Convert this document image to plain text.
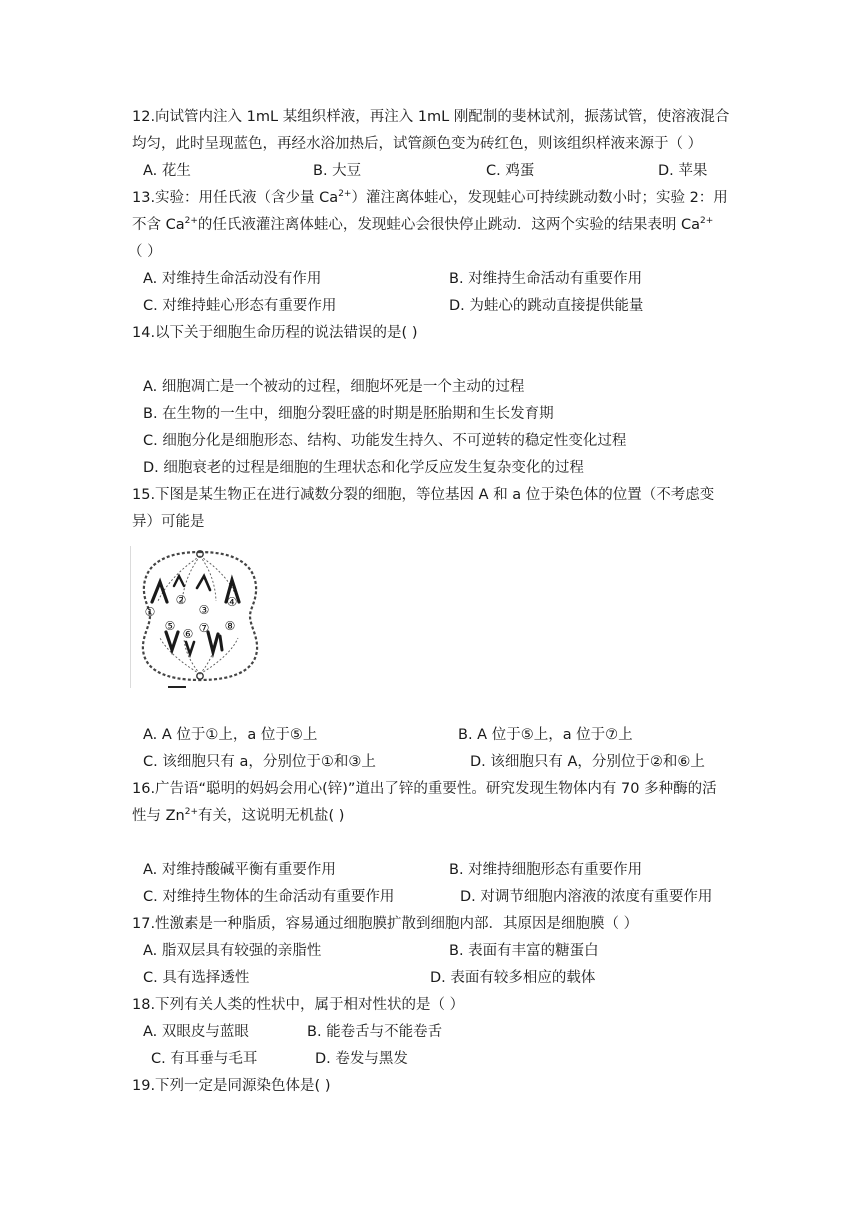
12.向试管内注入 1mL 某组织样液，再注入 1mL 刚配制的斐林试剂，振荡试管，使溶液混合
均匀，此时呈现蓝色，再经水浴加热后，试管颜色变为砖红色，则该组织样液来源于（ ）
A. 花生	B. 大豆	C. 鸡蛋	D. 苹果
13.实验：用任氏液（含少量 $Ca^{2+}$）灌注离体蛙心，发现蛙心可持续跳动数小时；实验 2：用
不含 $Ca^{2+}$的任氏液灌注离体蛙心，发现蛙心会很快停止跳动．这两个实验的结果表明 $Ca^{2+}$
（ ）
A. 对维持生命活动没有作用	B. 对维持生命活动有重要作用
C. 对维持蛙心形态有重要作用	D. 为蛙心的跳动直接提供能量
14.以下关于细胞生命历程的说法错误的是( )
A. 细胞凋亡是一个被动的过程，细胞坏死是一个主动的过程
B. 在生物的一生中，细胞分裂旺盛的时期是胚胎期和生长发育期
C. 细胞分化是细胞形态、结构、功能发生持久、不可逆转的稳定性变化过程
D. 细胞衰老的过程是细胞的生理状态和化学反应发生复杂变化的过程
15.下图是某生物正在进行减数分裂的细胞，等位基因 A 和 a 位于染色体的位置（不考虑变
异）可能是
①
②
③
④
⑤
⑥ ⑦ ⑧
A. A 位于①上，a 位于⑤上	B. A 位于⑤上，a 位于⑦上
C. 该细胞只有 a，分别位于①和③上	D. 该细胞只有 A，分别位于②和⑥上
16.广告语“聪明的妈妈会用心(锌)”道出了锌的重要性。研究发现生物体内有 70 多种酶的活
性与 $Zn^{2+}$有关，这说明无机盐( )
A. 对维持酸碱平衡有重要作用	B. 对维持细胞形态有重要作用
C. 对维持生物体的生命活动有重要作用	D. 对调节细胞内溶液的浓度有重要作用
17.性激素是一种脂质，容易通过细胞膜扩散到细胞内部．其原因是细胞膜（ ）
A. 脂双层具有较强的亲脂性	B. 表面有丰富的糖蛋白
C. 具有选择透性	D. 表面有较多相应的载体
18.下列有关人类的性状中，属于相对性状的是（ ）
A. 双眼皮与蓝眼	B. 能卷舌与不能卷舌
C. 有耳垂与毛耳	D. 卷发与黑发
19.下列一定是同源染色体是( )
